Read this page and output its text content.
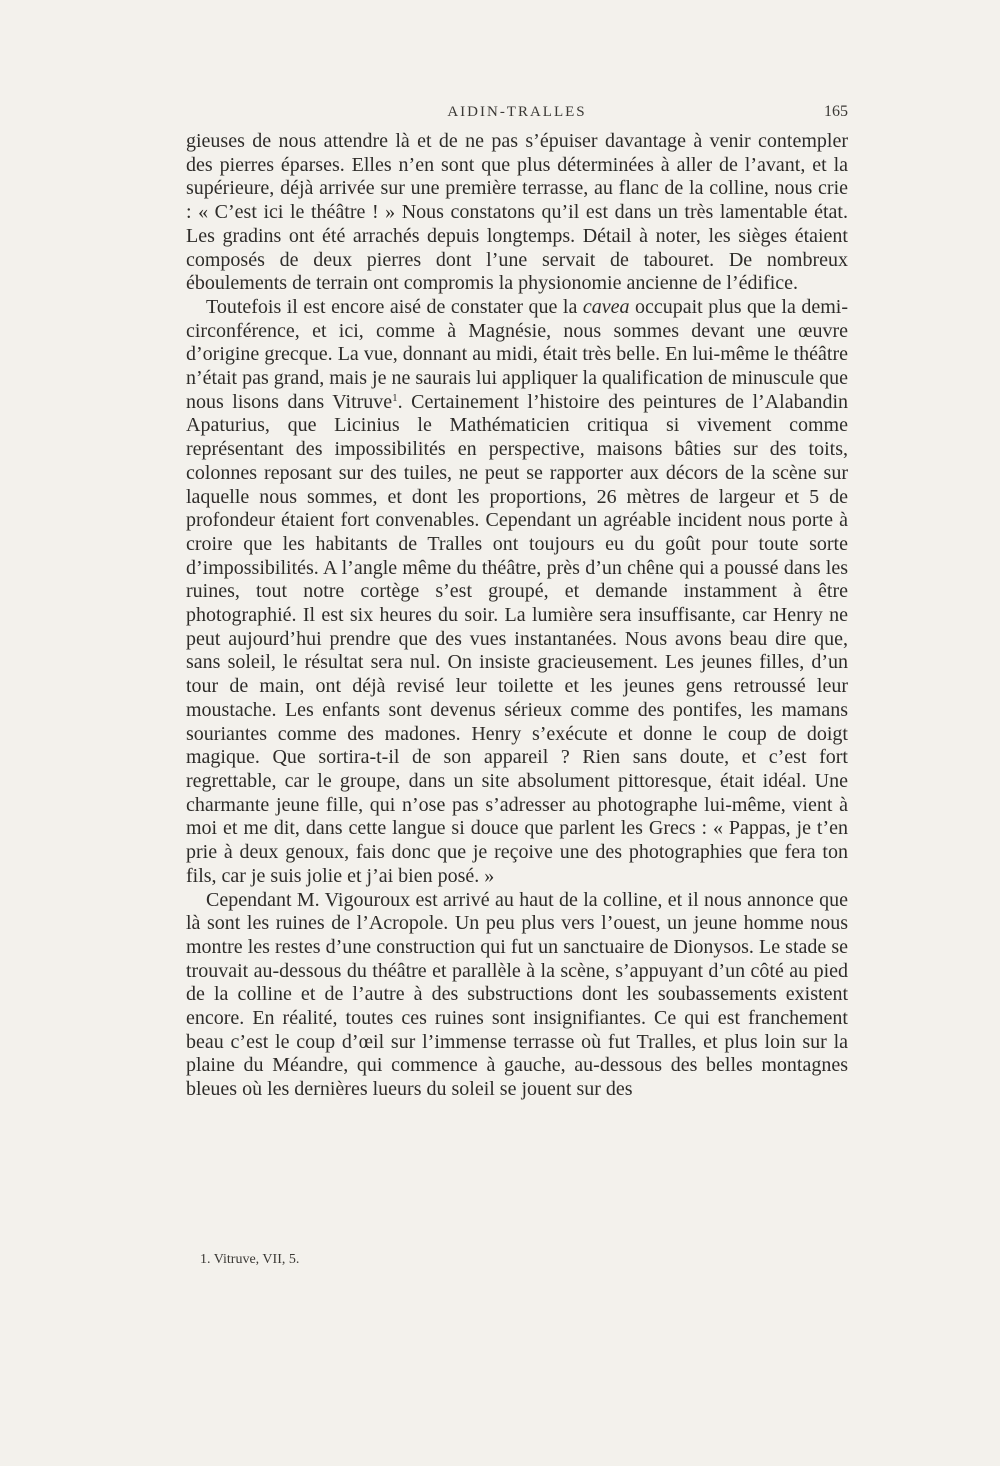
AIDIN-TRALLES	165

gieuses de nous attendre là et de ne pas s’épuiser davantage à venir contempler des pierres éparses. Elles n’en sont que plus déterminées à aller de l’avant, et la supérieure, déjà arrivée sur une première terrasse, au flanc de la colline, nous crie : « C’est ici le théâtre ! » Nous constatons qu’il est dans un très lamentable état. Les gradins ont été arrachés depuis longtemps. Détail à noter, les sièges étaient composés de deux pierres dont l’une servait de tabouret. De nombreux éboulements de terrain ont compromis la physionomie ancienne de l’édifice.

Toutefois il est encore aisé de constater que la cavea occupait plus que la demi-circonférence, et ici, comme à Magnésie, nous sommes devant une œuvre d’origine grecque. La vue, donnant au midi, était très belle. En lui-même le théâtre n’était pas grand, mais je ne saurais lui appliquer la qualification de minuscule que nous lisons dans Vitruve$^1$. Certainement l’histoire des peintures de l’Alabandin Apaturius, que Licinius le Mathématicien critiqua si vivement comme représentant des impossibilités en perspective, maisons bâties sur des toits, colonnes reposant sur des tuiles, ne peut se rapporter aux décors de la scène sur laquelle nous sommes, et dont les proportions, 26 mètres de largeur et 5 de profondeur étaient fort convenables. Cependant un agréable incident nous porte à croire que les habitants de Tralles ont toujours eu du goût pour toute sorte d’impossibilités. A l’angle même du théâtre, près d’un chêne qui a poussé dans les ruines, tout notre cortège s’est groupé, et demande instamment à être photographié. Il est six heures du soir. La lumière sera insuffisante, car Henry ne peut aujourd’hui prendre que des vues instantanées. Nous avons beau dire que, sans soleil, le résultat sera nul. On insiste gracieusement. Les jeunes filles, d’un tour de main, ont déjà revisé leur toilette et les jeunes gens retroussé leur moustache. Les enfants sont devenus sérieux comme des pontifes, les mamans souriantes comme des madones. Henry s’exécute et donne le coup de doigt magique. Que sortira-t-il de son appareil ? Rien sans doute, et c’est fort regrettable, car le groupe, dans un site absolument pittoresque, était idéal. Une charmante jeune fille, qui n’ose pas s’adresser au photographe lui-même, vient à moi et me dit, dans cette langue si douce que parlent les Grecs : « Pappas, je t’en prie à deux genoux, fais donc que je reçoive une des photographies que fera ton fils, car je suis jolie et j’ai bien posé. »

Cependant M. Vigouroux est arrivé au haut de la colline, et il nous annonce que là sont les ruines de l’Acropole. Un peu plus vers l’ouest, un jeune homme nous montre les restes d’une construction qui fut un sanctuaire de Dionysos. Le stade se trouvait au-dessous du théâtre et parallèle à la scène, s’appuyant d’un côté au pied de la colline et de l’autre à des substructions dont les soubassements existent encore. En réalité, toutes ces ruines sont insignifiantes. Ce qui est franchement beau c’est le coup d’œil sur l’immense terrasse où fut Tralles, et plus loin sur la plaine du Méandre, qui commence à gauche, au-dessous des belles montagnes bleues où les dernières lueurs du soleil se jouent sur des

1. Vitruve, VII, 5.
